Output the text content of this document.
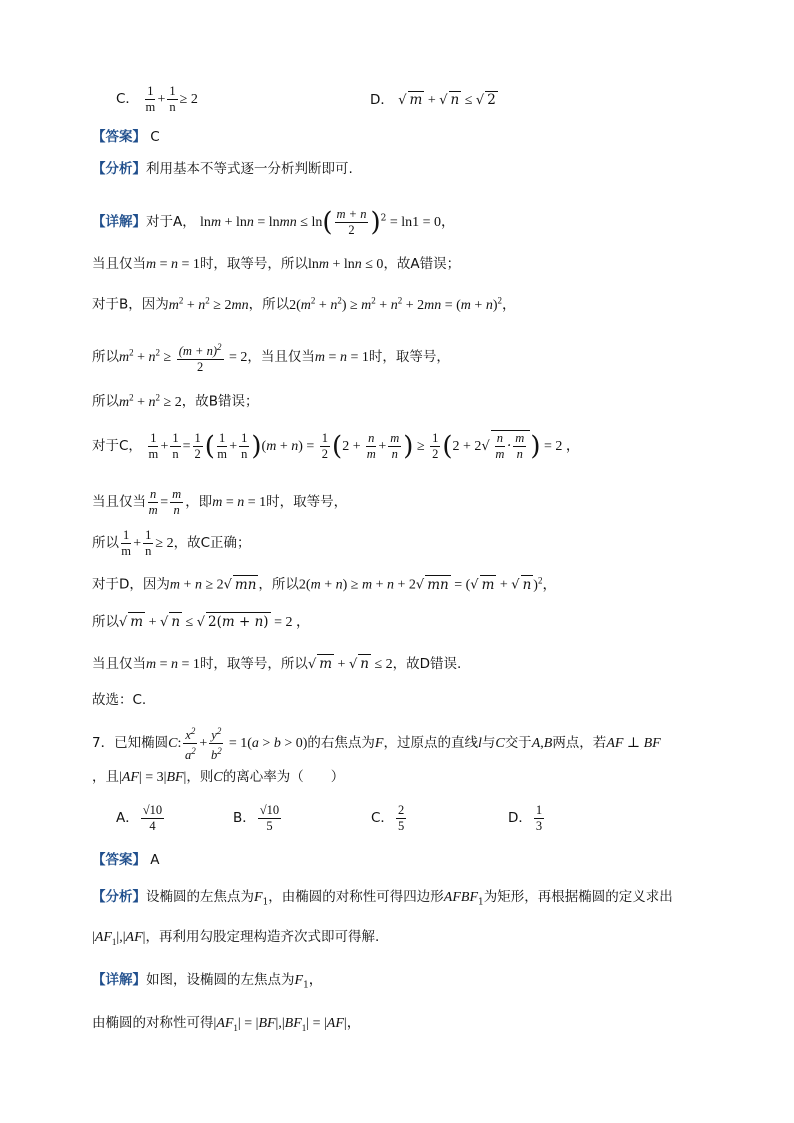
C． $\frac{1}{m} + \frac{1}{n} \ge 2$	D． √ m + √ n ≤ √ 2
【答案】 C
【分析】利用基本不等式逐一分析判断即可.
【详解】对于A， lnm + lnn = lnmn ≤ $\ln( \frac{m + n}{2} )^2 = \ln 1 = 0$，
当且仅当m = n = 1时，取等号，所以lnm + lnn ≤ 0，故A错误；
对于B，因为$m^2 + n^2 \ge 2mn$，所以$2(m^2 + n^2) \ge m^2 + n^2 + 2mn = (m + n)^2$，
所以$m^2 + n^2 \ge \frac{(m + n)^2}{2} = 2$，当且仅当m = n = 1时，取等号，
所以$m^2 + n^2 \ge 2$，故B错误；
对于C， $\frac{1}{m} + \frac{1}{n} = \frac{1}{2}$ ( $\frac{1}{m} + \frac{1}{n} )(m + n) = \frac{1}{2} (2 + \frac{n}{m} + \frac{m}{n}$ ) ≥ $\frac{1}{2} (2 + 2√ \frac{n}{m} \cdot \frac{m}{n}$ ) = 2 ，
当且仅当 $\frac{n}{m} = \frac{m}{n}$ ，即m = n = 1时，取等号，
所以 $\frac{1}{m} + \frac{1}{n} \ge 2$，故C正确；
对于D，因为m + n ≥ 2√ mn ，所以2(m + n) ≥ m + n + 2√ mn = (√ m + √ n )$^2$，
所以√ m + √ n ≤ √ 2(m + n) = 2 ，
当且仅当m = n = 1时，取等号，所以√ m + √ n ≤ 2，故D错误.
故选：C.
7．已知椭圆C: $\frac{x^2}{a^2} + \frac{y^2}{b^2} = 1(a > b > 0)$的右焦点为F，过原点的直线l与C交于A,B两点，若AF ⊥ BF
，且|AF| = 3|BF|，则C的离心率为（　　）
A． $\frac{√10}{4}$	B． $\frac{√10}{5}$	C． $\frac{2}{5}$	D． $\frac{1}{3}$
【答案】 A
【分析】设椭圆的左焦点为$F_1$，由椭圆的对称性可得四边形$AFBF_1$为矩形，再根据椭圆的定义求出
$|AF_1|,|AF|$，再利用勾股定理构造齐次式即可得解.
【详解】如图，设椭圆的左焦点为$F_1$，
由椭圆的对称性可得$|AF_1| = |BF|,|BF_1| = |AF|$，
